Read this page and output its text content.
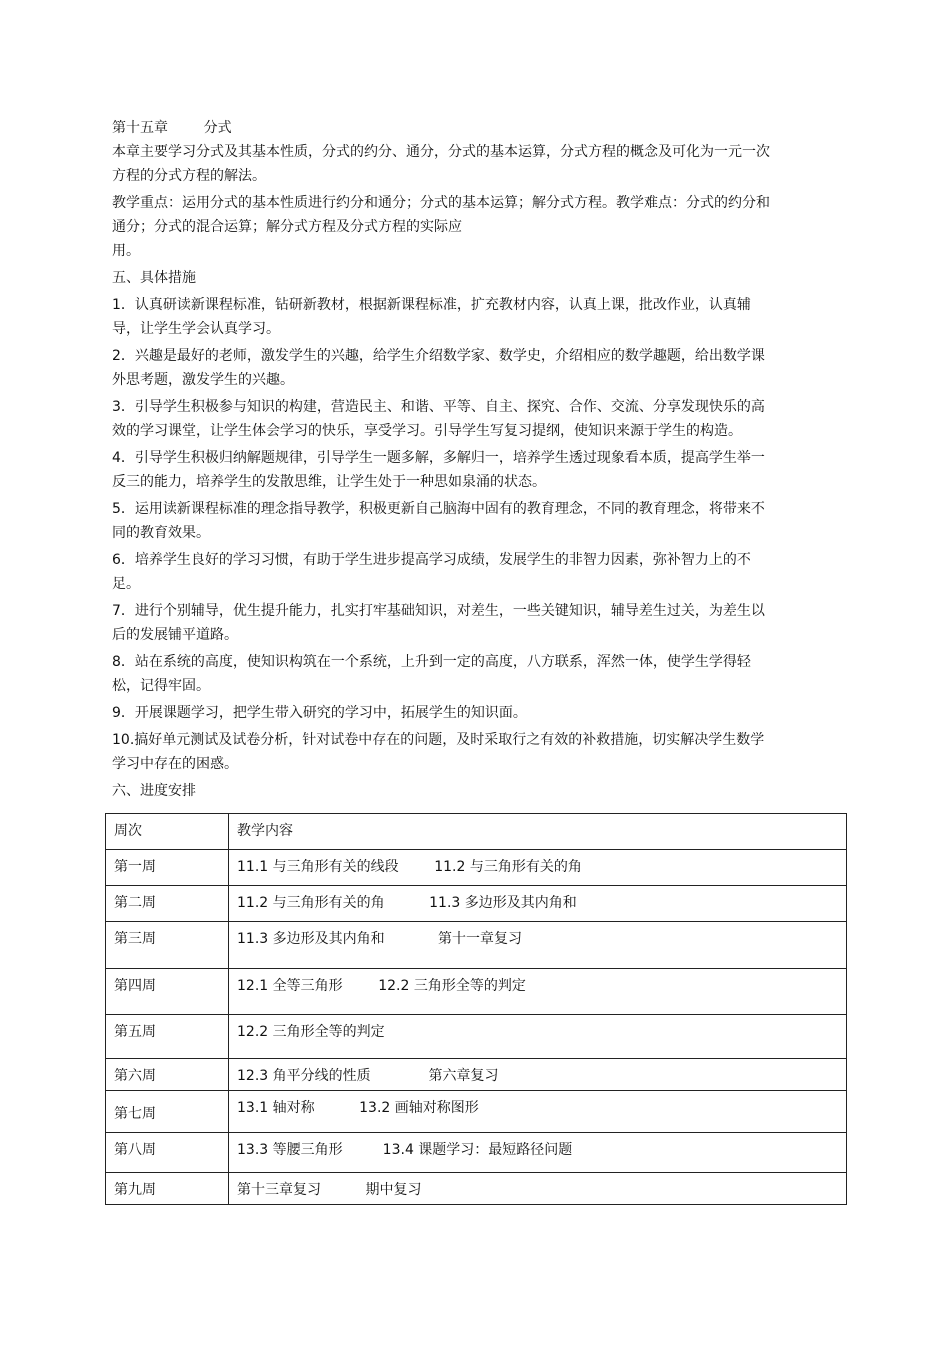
第十五章        分式

本章主要学习分式及其基本性质，分式的约分、通分，分式的基本运算，分式方程的概念及可化为一元一次方程的分式方程的解法。

教学重点：运用分式的基本性质进行约分和通分；分式的基本运算；解分式方程。教学难点：分式的约分和通分；分式的混合运算；解分式方程及分式方程的实际应

用。

五、具体措施

1．认真研读新课程标准，钻研新教材，根据新课程标准，扩充教材内容，认真上课，批改作业，认真辅导，让学生学会认真学习。

2．兴趣是最好的老师，激发学生的兴趣，给学生介绍数学家、数学史，介绍相应的数学趣题，给出数学课外思考题，激发学生的兴趣。

3．引导学生积极参与知识的构建，营造民主、和谐、平等、自主、探究、合作、交流、分享发现快乐的高效的学习课堂，让学生体会学习的快乐，享受学习。引导学生写复习提纲，使知识来源于学生的构造。

4．引导学生积极归纳解题规律，引导学生一题多解，多解归一，培养学生透过现象看本质，提高学生举一反三的能力，培养学生的发散思维，让学生处于一种思如泉涌的状态。

5．运用读新课程标准的理念指导教学，积极更新自己脑海中固有的教育理念，不同的教育理念，将带来不同的教育效果。

6．培养学生良好的学习习惯，有助于学生进步提高学习成绩，发展学生的非智力因素，弥补智力上的不足。

7．进行个别辅导，优生提升能力，扎实打牢基础知识，对差生，一些关键知识，辅导差生过关，为差生以后的发展铺平道路。

8．站在系统的高度，使知识构筑在一个系统，上升到一定的高度，八方联系，浑然一体，使学生学得轻松，记得牢固。

9．开展课题学习，把学生带入研究的学习中，拓展学生的知识面。

10.搞好单元测试及试卷分析，针对试卷中存在的问题，及时采取行之有效的补救措施，切实解决学生数学学习中存在的困惑。

六、进度安排

周次	教学内容
第一周	11.1 与三角形有关的线段        11.2 与三角形有关的角
第二周	11.2 与三角形有关的角          11.3 多边形及其内角和
第三周	11.3 多边形及其内角和            第十一章复习
第四周	12.1 全等三角形        12.2 三角形全等的判定
第五周	12.2 三角形全等的判定
第六周	12.3 角平分线的性质             第六章复习
第七周	13.1 轴对称          13.2 画轴对称图形
第八周	13.3 等腰三角形         13.4 课题学习：最短路径问题
第九周	第十三章复习          期中复习
